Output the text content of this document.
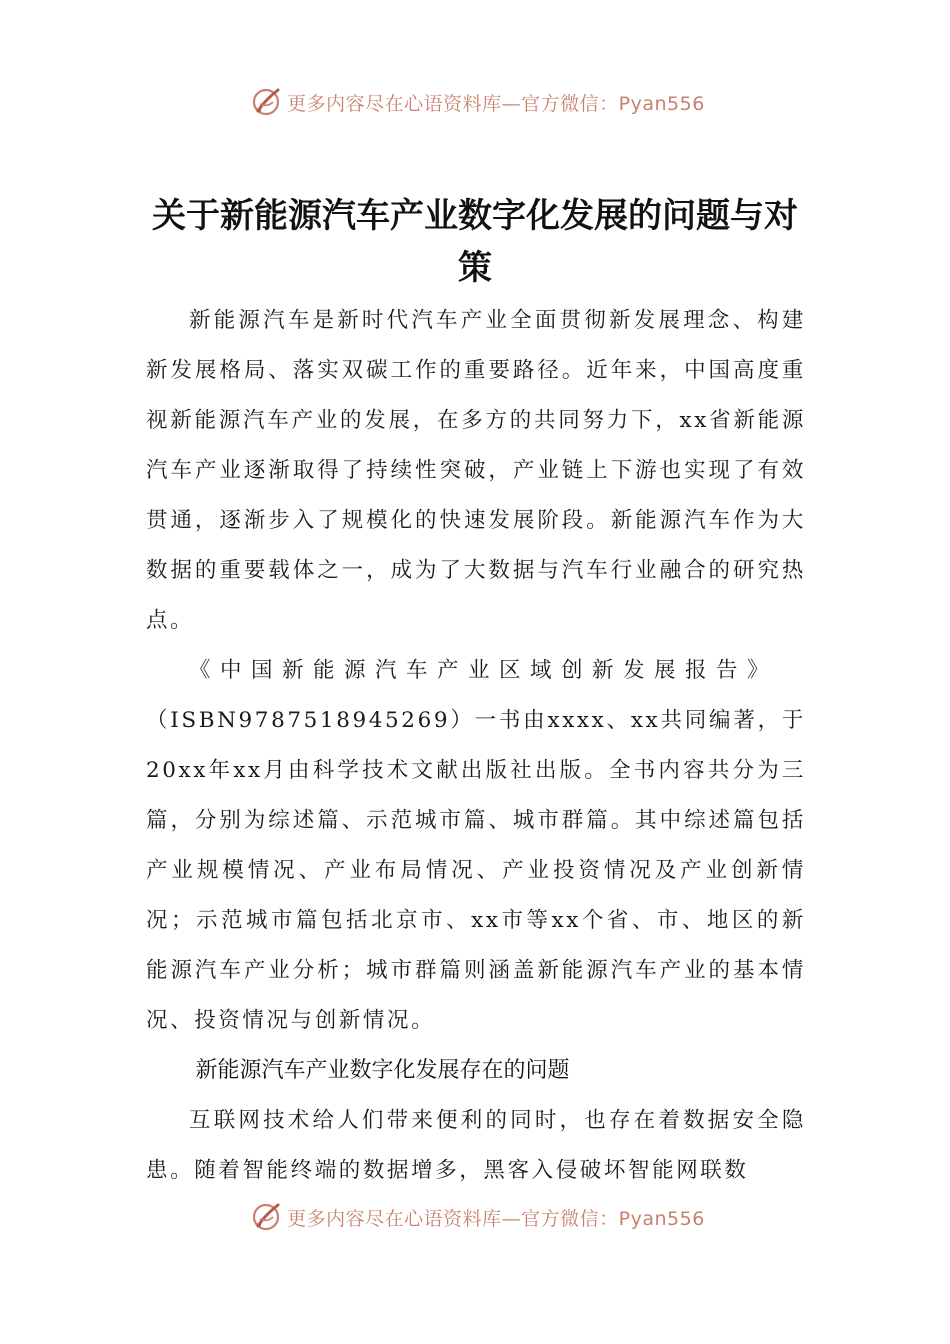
更多内容尽在心语资料库—官方微信：Pyan556
关于新能源汽车产业数字化发展的问题与对策

新能源汽车是新时代汽车产业全面贯彻新发展理念、构建新发展格局、落实双碳工作的重要路径。近年来，中国高度重视新能源汽车产业的发展，在多方的共同努力下，xx省新能源汽车产业逐渐取得了持续性突破，产业链上下游也实现了有效贯通，逐渐步入了规模化的快速发展阶段。新能源汽车作为大数据的重要载体之一，成为了大数据与汽车行业融合的研究热点。

《中国新能源汽车产业区域创新发展报告》

（ISBN9787518945269）一书由xxxx、xx共同编著，于20xx年xx月由科学技术文献出版社出版。全书内容共分为三篇，分别为综述篇、示范城市篇、城市群篇。其中综述篇包括产业规模情况、产业布局情况、产业投资情况及产业创新情况；示范城市篇包括北京市、xx市等xx个省、市、地区的新能源汽车产业分析；城市群篇则涵盖新能源汽车产业的基本情况、投资情况与创新情况。

新能源汽车产业数字化发展存在的问题

互联网技术给人们带来便利的同时，也存在着数据安全隐患。随着智能终端的数据增多，黑客入侵破坏智能网联数

更多内容尽在心语资料库—官方微信：Pyan556
